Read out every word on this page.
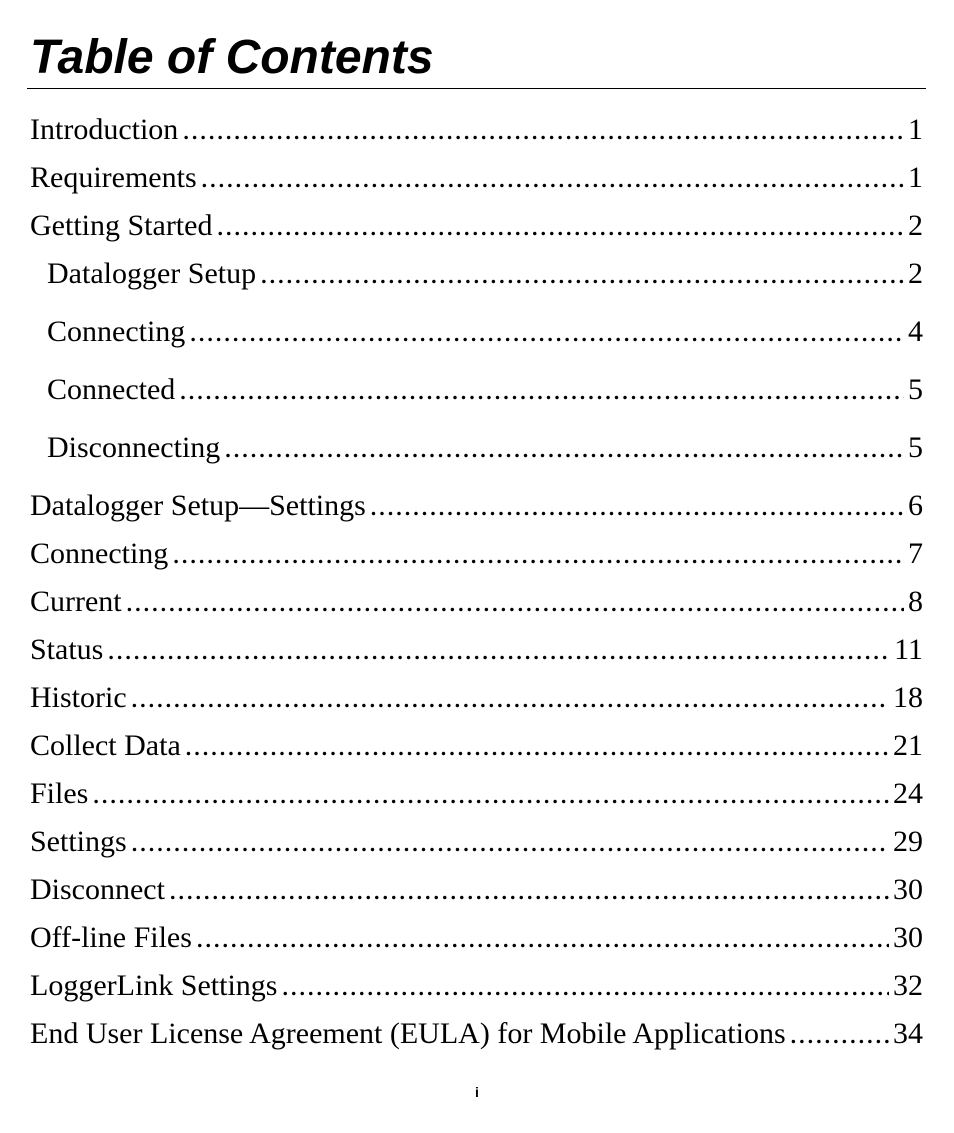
Table of Contents
Introduction .....	1
Requirements .....	1
Getting Started .....	2
Datalogger Setup .....	2
Connecting .....	4
Connected .....	5
Disconnecting .....	5
Datalogger Setup—Settings .....	6
Connecting .....	7
Current .....	8
Status .....	11
Historic .....	18
Collect Data .....	21
Files .....	24
Settings .....	29
Disconnect .....	30
Off-line Files .....	30
LoggerLink Settings .....	32
End User License Agreement (EULA) for Mobile Applications .....	34
i
